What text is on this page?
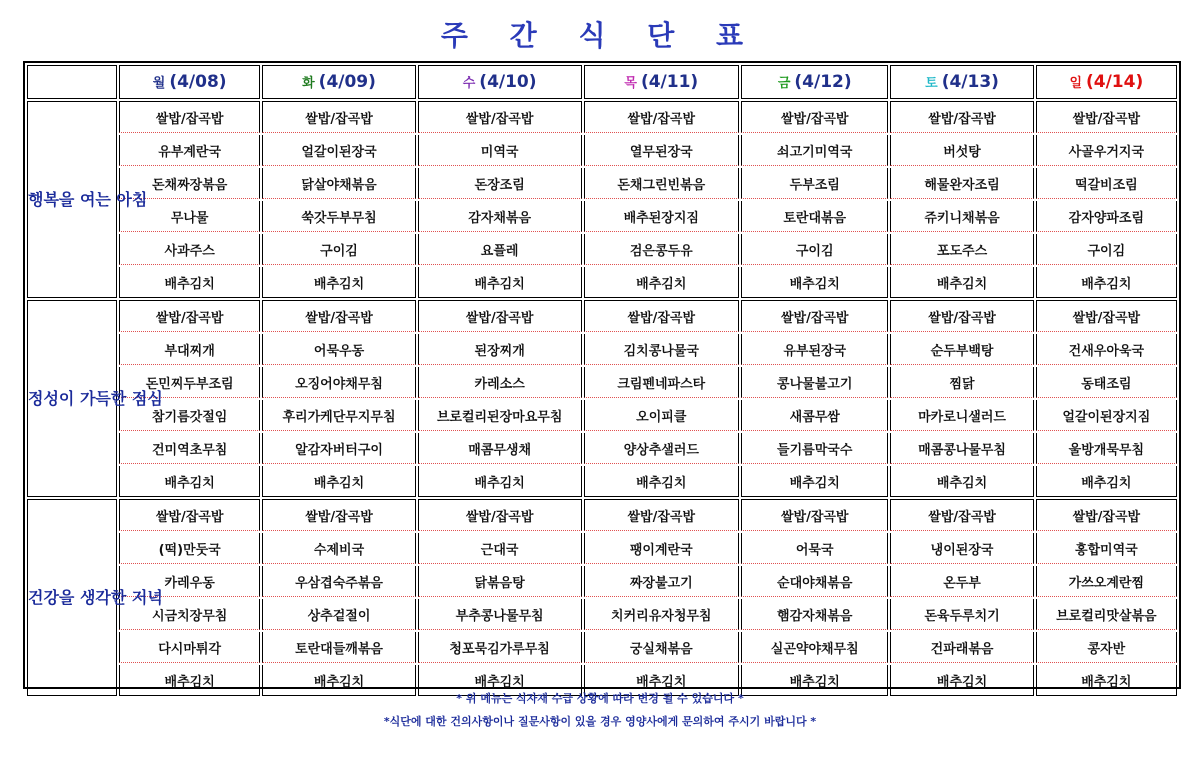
주 간 식 단 표
	월 (4/08)	화 (4/09)	수 (4/10)	목 (4/11)	금 (4/12)	토 (4/13)	일 (4/14)
행복을 여는 아침	쌀밥/잡곡밥	쌀밥/잡곡밥	쌀밥/잡곡밥	쌀밥/잡곡밥	쌀밥/잡곡밥	쌀밥/잡곡밥	쌀밥/잡곡밥
	유부계란국	얼갈이된장국	미역국	열무된장국	쇠고기미역국	버섯탕	사골우거지국
	돈채짜장볶음	닭살야채볶음	돈장조림	돈채그린빈볶음	두부조림	해물완자조림	떡갈비조림
	무나물	쑥갓두부무침	감자채볶음	배추된장지짐	토란대볶음	쥬키니채볶음	감자양파조림
	사과주스	구이김	요플레	검은콩두유	구이김	포도주스	구이김
	배추김치	배추김치	배추김치	배추김치	배추김치	배추김치	배추김치
정성이 가득한 점심	쌀밥/잡곡밥	쌀밥/잡곡밥	쌀밥/잡곡밥	쌀밥/잡곡밥	쌀밥/잡곡밥	쌀밥/잡곡밥	쌀밥/잡곡밥
	부대찌개	어묵우동	된장찌개	김치콩나물국	유부된장국	순두부백탕	건새우아욱국
	돈민찌두부조림	오징어야채무침	카레소스	크림펜네파스타	콩나물불고기	찜닭	동태조림
	참기름갓절임	후리가케단무지무침	브로컬리된장마요무침	오이피클	새콤무쌈	마카로니샐러드	얼갈이된장지짐
	건미역초무침	알감자버터구이	매콤무생채	양상추샐러드	들기름막국수	매콤콩나물무침	울방개묵무침
	배추김치	배추김치	배추김치	배추김치	배추김치	배추김치	배추김치
건강을 생각한 저녁	쌀밥/잡곡밥	쌀밥/잡곡밥	쌀밥/잡곡밥	쌀밥/잡곡밥	쌀밥/잡곡밥	쌀밥/잡곡밥	쌀밥/잡곡밥
	(떡)만둣국	수제비국	근대국	팽이계란국	어묵국	냉이된장국	홍합미역국
	카레우동	우삼겹숙주볶음	닭볶음탕	짜장불고기	순대야채볶음	온두부	가쓰오계란찜
	시금치장무침	상추겉절이	부추콩나물무침	치커리유자청무침	햄감자채볶음	돈육두루치기	브로컬리맛살볶음
	다시마튀각	토란대들깨볶음	청포묵김가루무침	궁실채볶음	실곤약야채무침	건파래볶음	콩자반
	배추김치	배추김치	배추김치	배추김치	배추김치	배추김치	배추김치
* 위 메뉴는 식자재 수급 상황에 따라 변경 될 수 있습니다 *
*식단에 대한 건의사항이나 질문사항이 있을 경우 영양사에게 문의하여 주시기 바랍니다 *
